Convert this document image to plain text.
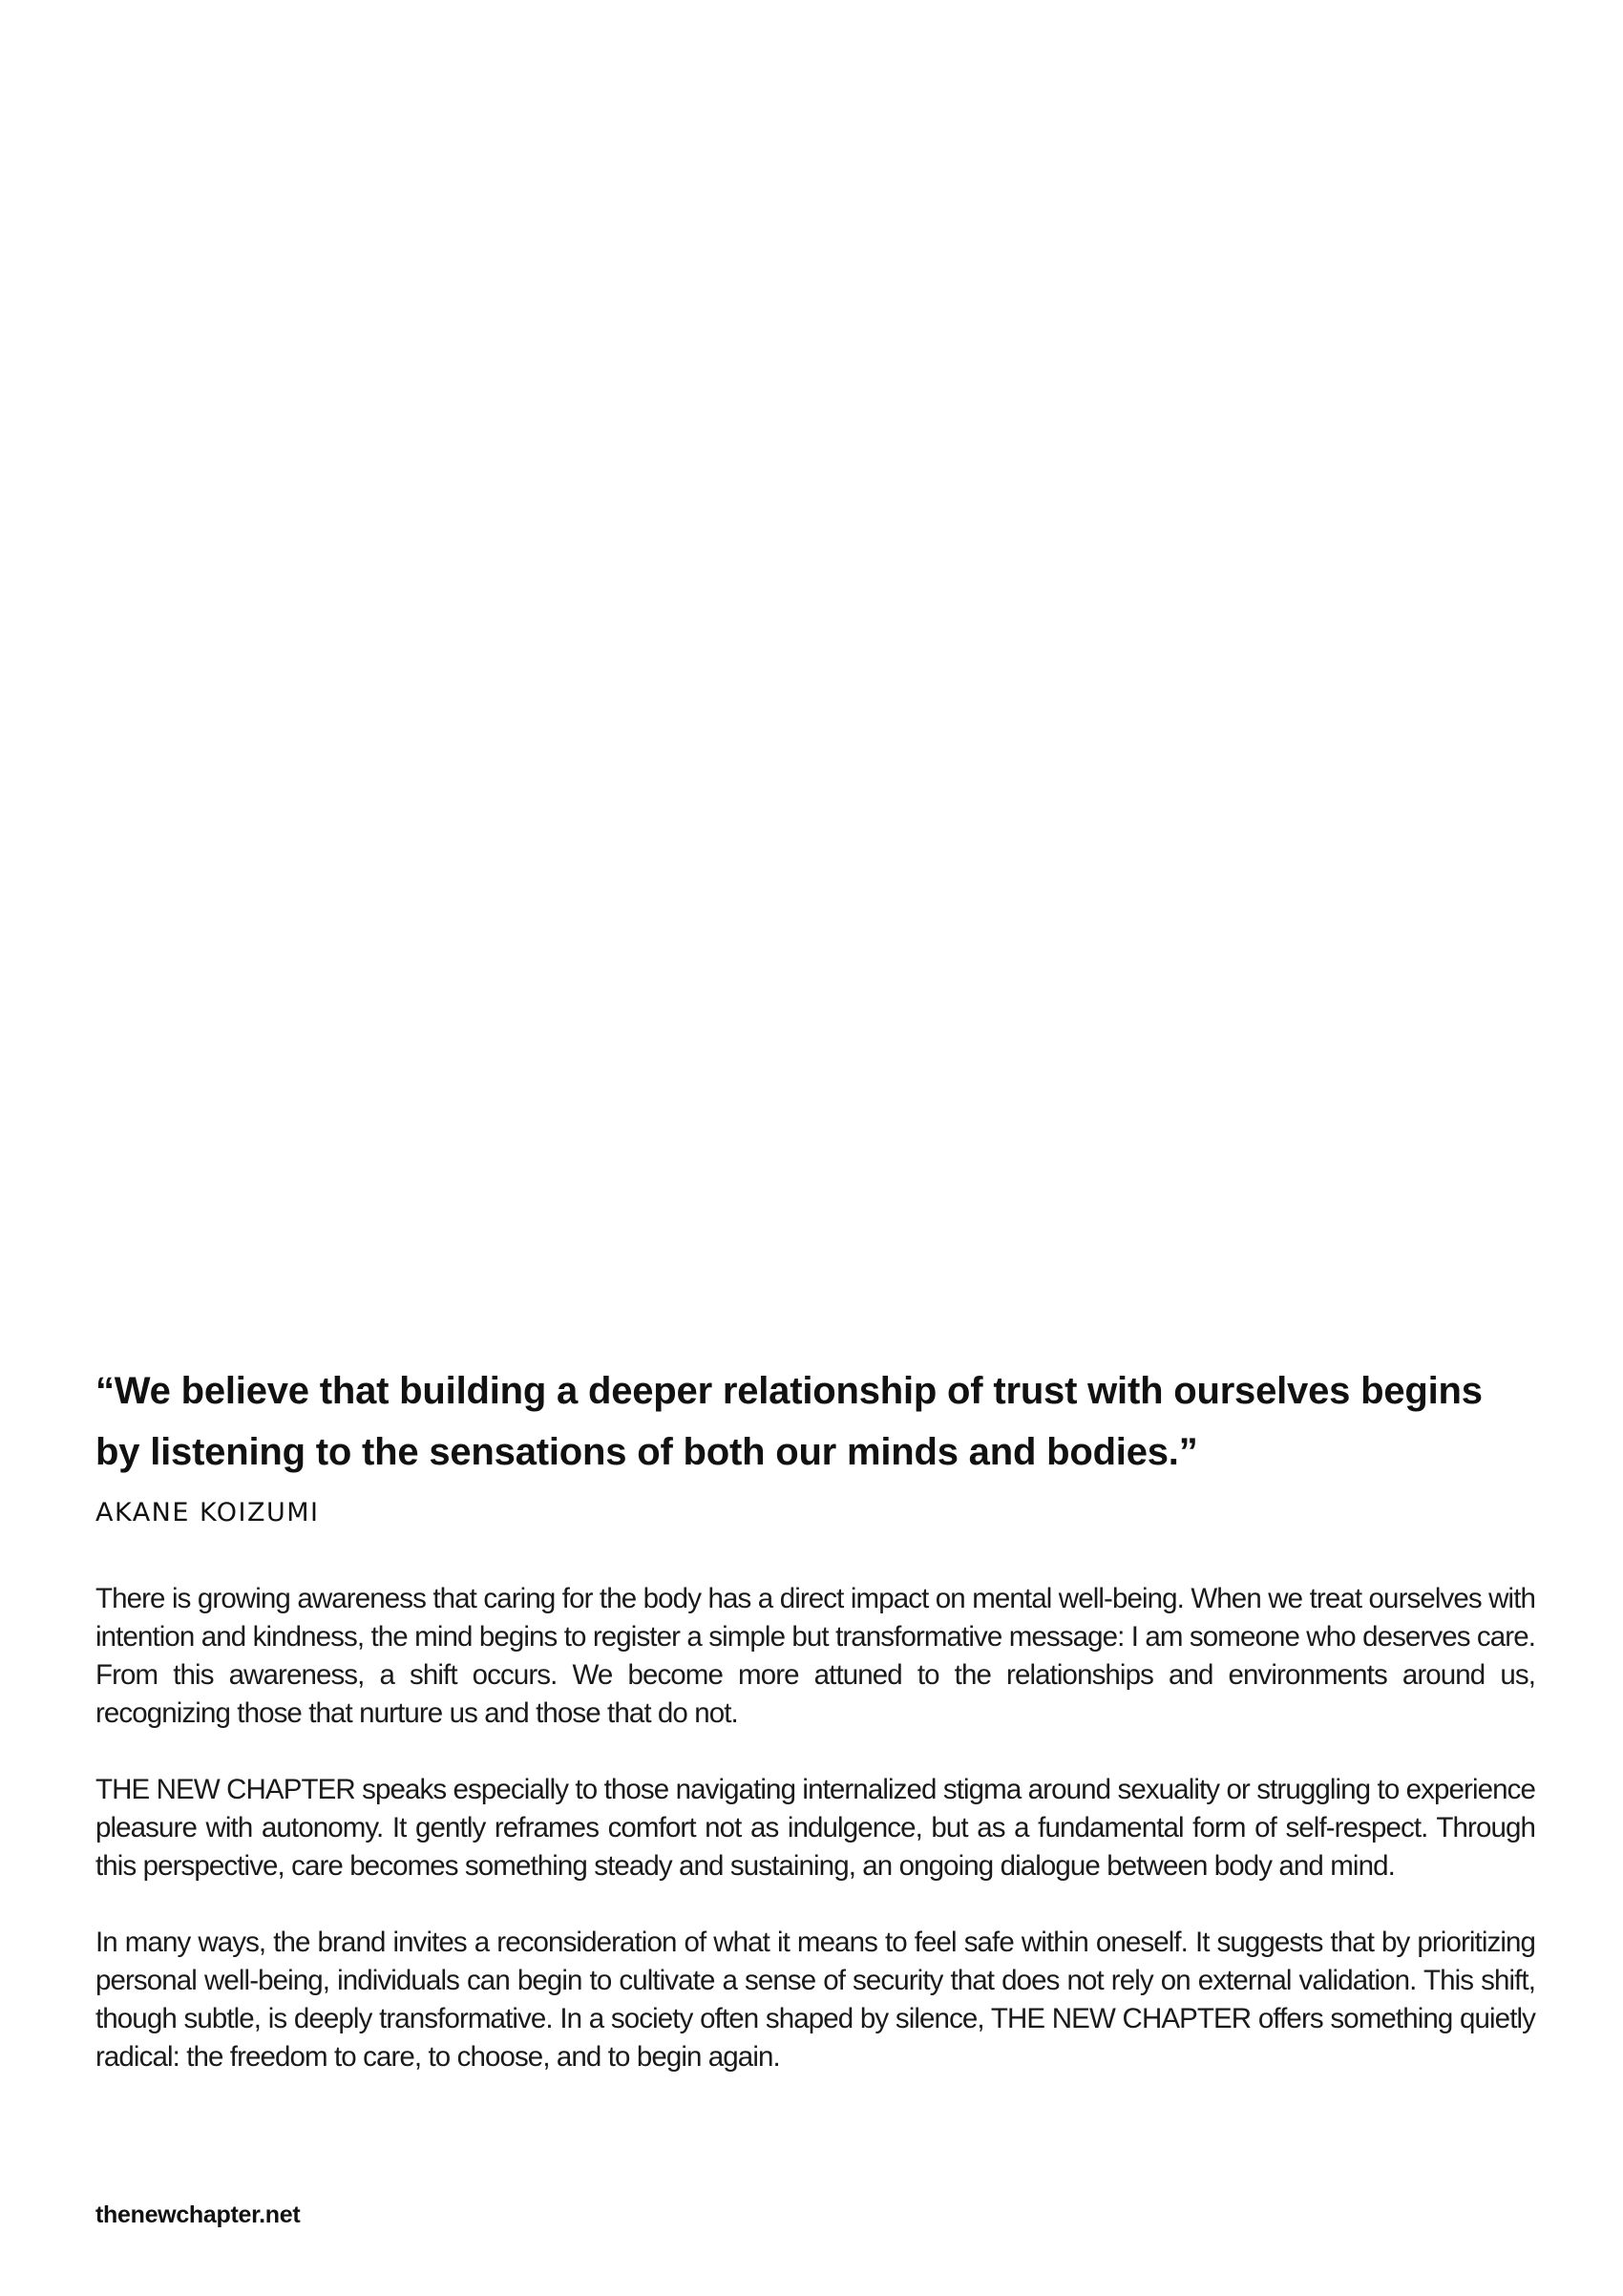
“We believe that building a deeper relationship of trust with ourselves begins by listening to the sensations of both our minds and bodies.”

AKANE KOIZUMI

There is growing awareness that caring for the body has a direct impact on mental well-being. When we treat ourselves with intention and kindness, the mind begins to register a simple but transformative message: I am someone who deserves care. From this awareness, a shift occurs. We become more attuned to the relationships and environments around us, recognizing those that nurture us and those that do not.

THE NEW CHAPTER speaks especially to those navigating internalized stigma around sexuality or struggling to experience pleasure with autonomy. It gently reframes comfort not as indulgence, but as a fundamental form of self-respect. Through this perspective, care becomes something steady and sustaining, an ongoing dialogue between body and mind.

In many ways, the brand invites a reconsideration of what it means to feel safe within oneself. It suggests that by prioritizing personal well-being, individuals can begin to cultivate a sense of security that does not rely on external validation. This shift, though subtle, is deeply transformative. In a society often shaped by silence, THE NEW CHAPTER offers something quietly radical: the freedom to care, to choose, and to begin again.

thenewchapter.net
